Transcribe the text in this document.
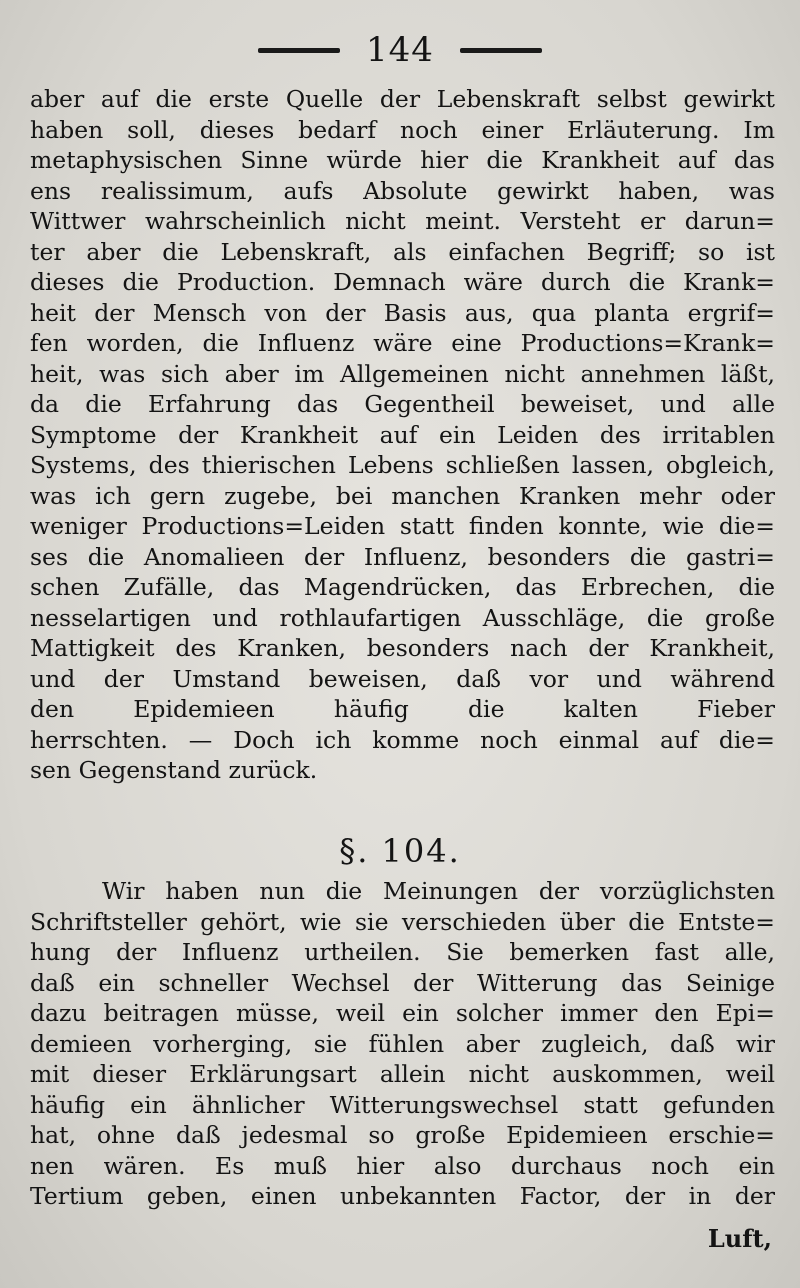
144
aber auf die erste Quelle der Lebenskraft selbst gewirkt
haben soll, dieses bedarf noch einer Erläuterung. Im
metaphysischen Sinne würde hier die Krankheit auf das
ens realissimum, aufs Absolute gewirkt haben, was
Wittwer wahrscheinlich nicht meint. Versteht er darun=
ter aber die Lebenskraft, als einfachen Begriff; so ist
dieses die Production. Demnach wäre durch die Krank=
heit der Mensch von der Basis aus, qua planta ergrif=
fen worden, die Influenz wäre eine Productions=Krank=
heit, was sich aber im Allgemeinen nicht annehmen läßt,
da die Erfahrung das Gegentheil beweiset, und alle
Symptome der Krankheit auf ein Leiden des irritablen
Systems, des thierischen Lebens schließen lassen, obgleich,
was ich gern zugebe, bei manchen Kranken mehr oder
weniger Productions=Leiden statt finden konnte, wie die=
ses die Anomalieen der Influenz, besonders die gastri=
schen Zufälle, das Magendrücken, das Erbrechen, die
nesselartigen und rothlaufartigen Ausschläge, die große
Mattigkeit des Kranken, besonders nach der Krankheit,
und der Umstand beweisen, daß vor und während
den Epidemieen häufig die kalten Fieber
herrschten. — Doch ich komme noch einmal auf die=
sen Gegenstand zurück.
§. 104.
Wir haben nun die Meinungen der vorzüglichsten
Schriftsteller gehört, wie sie verschieden über die Entste=
hung der Influenz urtheilen. Sie bemerken fast alle,
daß ein schneller Wechsel der Witterung das Seinige
dazu beitragen müsse, weil ein solcher immer den Epi=
demieen vorherging, sie fühlen aber zugleich, daß wir
mit dieser Erklärungsart allein nicht auskommen, weil
häufig ein ähnlicher Witterungswechsel statt gefunden
hat, ohne daß jedesmal so große Epidemieen erschie=
nen wären. Es muß hier also durchaus noch ein
Tertium geben, einen unbekannten Factor, der in der
Luft,
